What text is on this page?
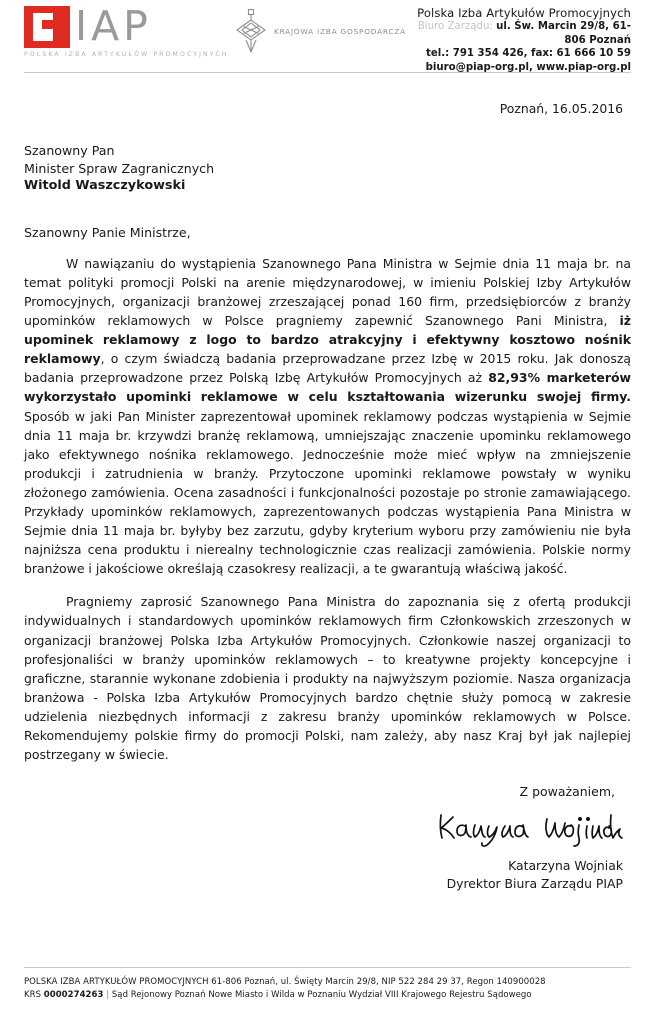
IAP
POLSKA IZBA ARTYKUŁÓW PROMOCYJNYCH
KRAJOWA IZBA GOSPODARCZA
Polska Izba Artykułów Promocyjnych
Biuro Zarządu: ul. Św. Marcin 29/8, 61-806 Poznań
tel.: 791 354 426, fax: 61 666 10 59
biuro@piap-org.pl, www.piap-org.pl
Poznań, 16.05.2016
Szanowny Pan
Minister Spraw Zagranicznych
Witold Waszczykowski
Szanowny Panie Ministrze,

W nawiązaniu do wystąpienia Szanownego Pana Ministra w Sejmie dnia 11 maja br. na temat polityki promocji Polski na arenie międzynarodowej, w imieniu Polskiej Izby Artykułów Promocyjnych, organizacji branżowej zrzeszającej ponad 160 firm, przedsiębiorców z branży upominków reklamowych w Polsce pragniemy zapewnić Szanownego Pani Ministra, iż upominek reklamowy z logo to bardzo atrakcyjny i efektywny kosztowo nośnik reklamowy, o czym świadczą badania przeprowadzane przez Izbę w 2015 roku. Jak donoszą badania przeprowadzone przez Polską Izbę Artykułów Promocyjnych aż 82,93% marketerów wykorzystało upominki reklamowe w celu kształtowania wizerunku swojej firmy. Sposób w jaki Pan Minister zaprezentował upominek reklamowy podczas wystąpienia w Sejmie dnia 11 maja br. krzywdzi branżę reklamową, umniejszając znaczenie upominku reklamowego jako efektywnego nośnika reklamowego. Jednocześnie może mieć wpływ na zmniejszenie produkcji i zatrudnienia w branży. Przytoczone upominki reklamowe powstały w wyniku złożonego zamówienia. Ocena zasadności i funkcjonalności pozostaje po stronie zamawiającego. Przykłady upominków reklamowych, zaprezentowanych podczas wystąpienia Pana Ministra w Sejmie dnia 11 maja br. byłyby bez zarzutu, gdyby kryterium wyboru przy zamówieniu nie była najniższa cena produktu i nierealny technologicznie czas realizacji zamówienia. Polskie normy branżowe i jakościowe określają czasokresy realizacji, a te gwarantują właściwą jakość.

Pragniemy zaprosić Szanownego Pana Ministra do zapoznania się z ofertą produkcji indywidualnych i standardowych upominków reklamowych firm Członkowskich zrzeszonych w organizacji branżowej Polska Izba Artykułów Promocyjnych. Członkowie naszej organizacji to profesjonaliści w branży upominków reklamowych – to kreatywne projekty koncepcyjne i graficzne, starannie wykonane zdobienia i produkty na najwyższym poziomie. Nasza organizacja branżowa - Polska Izba Artykułów Promocyjnych bardzo chętnie służy pomocą w zakresie udzielenia niezbędnych informacji z zakresu branży upominków reklamowych w Polsce. Rekomendujemy polskie firmy do promocji Polski, nam zależy, aby nasz Kraj był jak najlepiej postrzegany w świecie.

Z poważaniem,
Katarzyna Wojniak
Dyrektor Biura Zarządu PIAP
POLSKA IZBA ARTYKUŁÓW PROMOCYJNYCH 61-806 Poznań, ul. Święty Marcin 29/8, NIP 522 284 29 37, Regon 140900028
KRS 0000274263 | Sąd Rejonowy Poznań Nowe Miasto i Wilda w Poznaniu Wydział VIII Krajowego Rejestru Sądowego
